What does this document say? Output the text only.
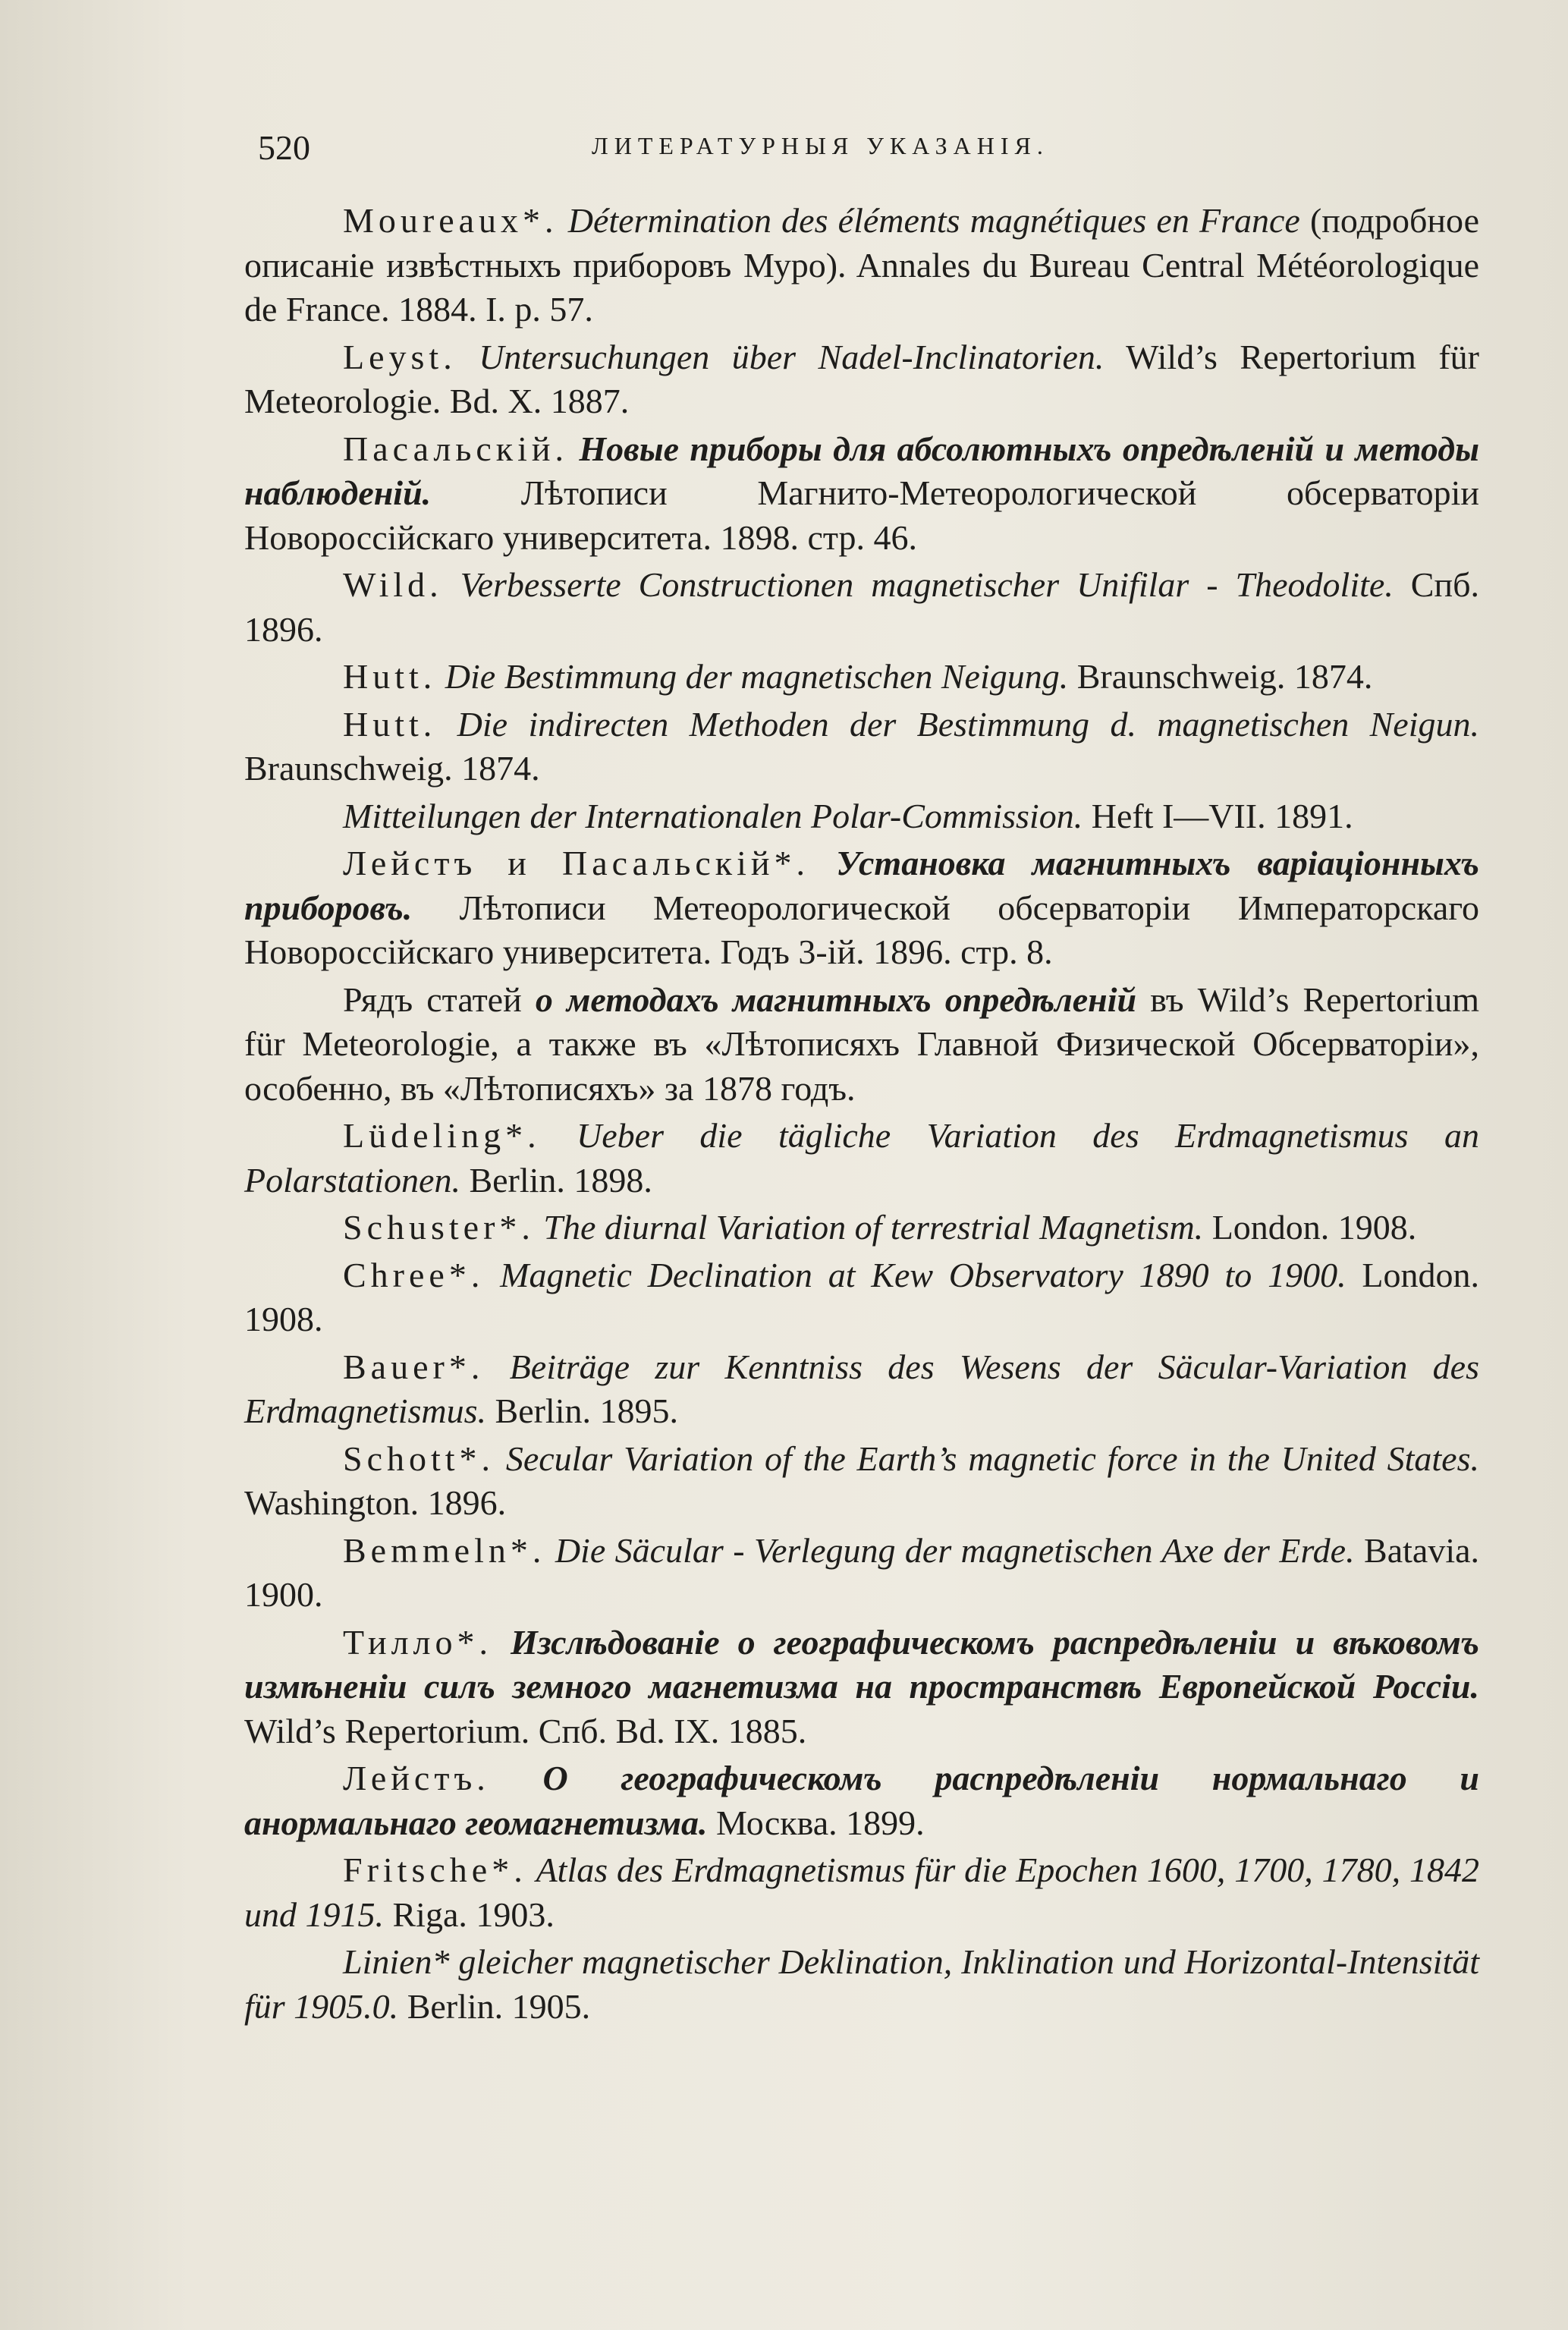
520	ЛИТЕРАТУРНЫЯ УКАЗАНІЯ.

Moureaux*. Détermination des éléments magnétiques en France (подробное описаніе извѣстныхъ приборовъ Муро). Annales du Bureau Central Météorologique de France. 1884. I. p. 57.

Leyst. Untersuchungen über Nadel-Inclinatorien. Wild’s Repertorium für Meteorologie. Bd. X. 1887.

Пасальскій. Новые приборы для абсолютныхъ опредѣленій и методы наблюденій.	Лѣтописи Магнито-Метеорологической обсерваторіи Новороссійскаго университета. 1898. стр. 46.

Wild. Verbesserte Constructionen magnetischer Unifilar - Theodolite. Спб. 1896.

Hutt. Die Bestimmung der magnetischen Neigung. Braunschweig. 1874.

Hutt. Die indirecten Methoden der Bestimmung d. magnetischen Neigun. Braunschweig. 1874.

Mitteilungen der Internationalen Polar-Commission. Heft I—VII. 1891.

Лейстъ и Пасальскій*. Установка магнитныхъ варіаціонныхъ приборовъ. Лѣтописи Метеорологической обсерваторіи Императорскаго Новороссійскаго университета. Годъ 3-ій. 1896. стр. 8.

Рядъ статей о методахъ магнитныхъ опредѣленій въ Wild’s Repertorium für Meteorologie, а также въ «Лѣтописяхъ Главной Физической Обсерваторіи», особенно, въ «Лѣтописяхъ» за 1878 годъ.

Lüdeling*. Ueber die tägliche Variation des Erdmagnetismus an Polarstationen. Berlin. 1898.

Schuster*. The diurnal Variation of terrestrial Magnetism. London. 1908.

Chree*. Magnetic Declination at Kew Observatory 1890 to 1900. London. 1908.

Bauer*. Beiträge zur Kenntniss des Wesens der Säcular-Variation des Erdmagnetismus. Berlin. 1895.

Schott*. Secular Variation of the Earth’s magnetic force in the United States. Washington. 1896.

Bemmeln*. Die Säcular - Verlegung der magnetischen Axe der Erde. Batavia. 1900.

Тилло*. Изслѣдованіе о географическомъ распредѣленіи и вѣковомъ измѣненіи силъ земного магнетизма на пространствѣ Европейской Россіи. Wild’s Repertorium. Спб. Bd. IX. 1885.

Лейстъ. О географическомъ распредѣленіи нормальнаго и анормальнаго геомагнетизма. Москва. 1899.

Fritsche*. Atlas des Erdmagnetismus für die Epochen 1600, 1700, 1780, 1842 und 1915. Riga. 1903.

Linien* gleicher magnetischer Deklination, Inklination und Horizontal-Intensität für 1905.0. Berlin. 1905.
